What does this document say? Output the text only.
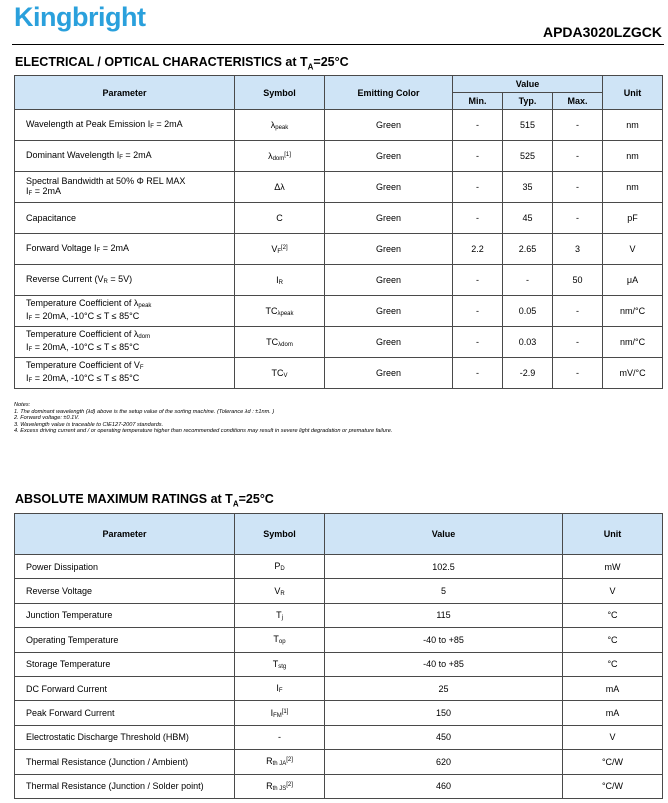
Kingbright	APDA3020LZGCK
ELECTRICAL / OPTICAL CHARACTERISTICS at $T_A=25^\circ C$
Parameter	Symbol	Emitting Color	Value			Unit
			Min.	Typ.	Max.	

Wavelength at Peak Emission IF = 2mA	λpeak	Green	-	515	-	nm

Dominant Wavelength IF = 2mA	λdom[1]	Green	-	525	-	nm

Spectral Bandwidth at 50% Φ REL MAX
IF = 2mA	Δλ	Green	-	35	-	nm

Capacitance	C	Green	-	45	-	pF

Forward Voltage IF = 2mA	VF[2]	Green	2.2	2.65	3	V

Reverse Current (VR = 5V)	IR	Green	-	-	50	μA

Temperature Coefficient of λpeak
IF = 20mA, -10°C ≤ T ≤ 85°C	TCλpeak	Green	-	0.05	-	nm/°C

Temperature Coefficient of λdom
IF = 20mA, -10°C ≤ T ≤ 85°C	TCλdom	Green	-	0.03	-	nm/°C

Temperature Coefficient of VF
IF = 20mA, -10°C ≤ T ≤ 85°C	TCV	Green	-	-2.9	-	mV/°C
Notes:
1. The dominant wavelength (λd) above is the setup value of the sorting machine. (Tolerance λd : ±1nm. )
2. Forward voltage: ±0.1V.
3. Wavelength value is traceable to CIE127-2007 standards.
4. Excess driving current and / or operating temperature higher than recommended conditions may result in severe light degradation or premature failure.
ABSOLUTE MAXIMUM RATINGS at $T_A=25^\circ C$
Parameter	Symbol	Value	Unit
Power Dissipation	PD	102.5	mW
Reverse Voltage	VR	5	V
Junction Temperature	Tj	115	°C
Operating Temperature	Top	-40 to +85	°C
Storage Temperature	Tstg	-40 to +85	°C
DC Forward Current	IF	25	mA
Peak Forward Current	IFM[1]	150	mA
Electrostatic Discharge Threshold (HBM)	-	450	V
Thermal Resistance (Junction / Ambient)	Rth JA[2]	620	°C/W
Thermal Resistance (Junction / Solder point)	Rth JS[2]	460	°C/W
